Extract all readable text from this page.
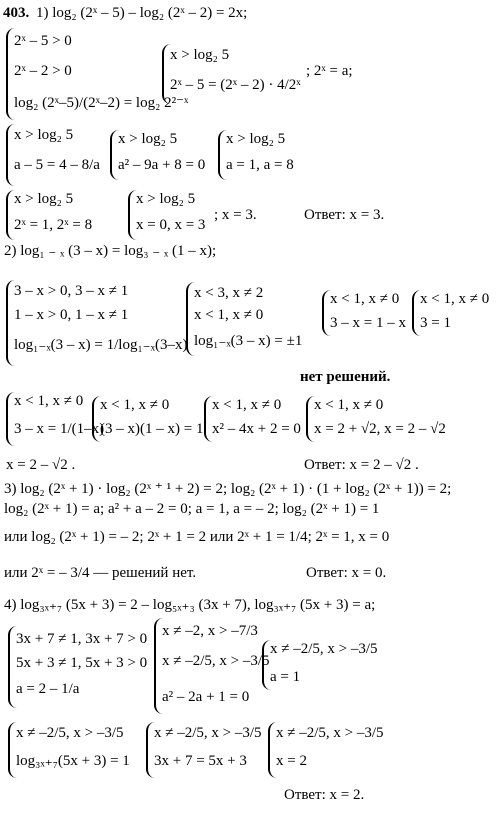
403. 1) log₂ (2ˣ – 5) – log₂ (2ˣ – 2) = 2x;
2ˣ – 5 > 0
2ˣ – 2 > 0
log₂ (2ˣ–5)/(2ˣ–2) = log₂ 2²⁻ˣ
x > log₂ 5
2ˣ – 5 = (2ˣ – 2) · 4/2ˣ
; 2ˣ = a;
x > log₂ 5
a – 5 = 4 – 8/a
x > log₂ 5
a² – 9a + 8 = 0
x > log₂ 5
a = 1, a = 8
x > log₂ 5
2ˣ = 1, 2ˣ = 8
x > log₂ 5
x = 0, x = 3
; x = 3.	Ответ: x = 3.
2) log₁ ₋ ₓ (3 – x) = log₃ ₋ ₓ (1 – x);
3 – x > 0, 3 – x ≠ 1
1 – x > 0, 1 – x ≠ 1
log₁₋ₓ(3 – x) = 1/log₁₋ₓ(3–x)
x < 3, x ≠ 2
x < 1, x ≠ 0
log₁₋ₓ(3 – x) = ±1
x < 1, x ≠ 0
3 – x = 1 – x
x < 1, x ≠ 0
3 = 1
нет решений.
x < 1, x ≠ 0
3 – x = 1/(1–x)
x < 1, x ≠ 0
(3 – x)(1 – x) = 1
x < 1, x ≠ 0
x² – 4x + 2 = 0
x < 1, x ≠ 0
x = 2 + √2, x = 2 – √2
x = 2 – √2 .	Ответ: x = 2 – √2 .
3) log₂ (2ˣ + 1) · log₂ (2ˣ ⁺ ¹ + 2) = 2; log₂ (2ˣ + 1) · (1 + log₂ (2ˣ + 1)) = 2;
log₂ (2ˣ + 1) = a; a² + a – 2 = 0; a = 1, a = – 2; log₂ (2ˣ + 1) = 1
или log₂ (2ˣ + 1) = – 2; 2ˣ + 1 = 2 или 2ˣ + 1 = 1/4; 2ˣ = 1, x = 0
или 2ˣ = – 3/4 — решений нет.	Ответ: x = 0.
4) log₃ₓ₊₇ (5x + 3) = 2 – log₅ₓ₊₃ (3x + 7), log₃ₓ₊₇ (5x + 3) = a;
3x + 7 ≠ 1, 3x + 7 > 0
5x + 3 ≠ 1, 5x + 3 > 0
a = 2 – 1/a
x ≠ –2, x > –7/3
x ≠ –2/5, x > –3/5
a² – 2a + 1 = 0
x ≠ –2/5, x > –3/5
a = 1
x ≠ –2/5, x > –3/5
log₃ₓ₊₇(5x + 3) = 1
x ≠ –2/5, x > –3/5
3x + 7 = 5x + 3
x ≠ –2/5, x > –3/5
x = 2
Ответ: x = 2.
